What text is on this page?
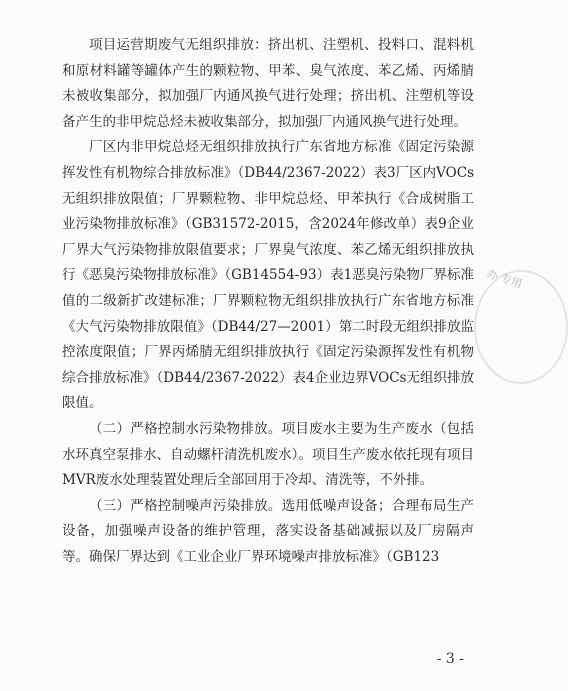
项目运营期废气无组织排放：挤出机、注塑机、投料口、混料机和原材料罐等罐体产生的颗粒物、甲苯、臭气浓度、苯乙烯、丙烯腈未被收集部分，拟加强厂内通风换气进行处理；挤出机、注塑机等设备产生的非甲烷总烃未被收集部分，拟加强厂内通风换气进行处理。

厂区内非甲烷总烃无组织排放执行广东省地方标准《固定污染源挥发性有机物综合排放标准》（DB44/2367-2022）表3厂区内VOCs无组织排放限值；厂界颗粒物、非甲烷总烃、甲苯执行《合成树脂工业污染物排放标准》（GB31572-2015，含2024年修改单）表9企业厂界大气污染物排放限值要求；厂界臭气浓度、苯乙烯无组织排放执行《恶臭污染物排放标准》（GB14554-93）表1恶臭污染物厂界标准值的二级新扩改建标准；厂界颗粒物无组织排放执行广东省地方标准《大气污染物排放限值》（DB44/27—2001）第二时段无组织排放监控浓度限值；厂界丙烯腈无组织排放执行《固定污染源挥发性有机物综合排放标准》（DB44/2367-2022）表4企业边界VOCs无组织排放限值。

（二）严格控制水污染物排放。项目废水主要为生产废水（包括水环真空泵排水、自动螺杆清洗机废水）。项目生产废水依托现有项目MVR废水处理装置处理后全部回用于冷却、清洗等，不外排。

（三）严格控制噪声污染排放。选用低噪声设备；合理布局生产设备，加强噪声设备的维护管理，落实设备基础减振以及厂房隔声等。确保厂界达到《工业企业厂界环境噪声排放标准》（GB123

办 专用
- 3 -
